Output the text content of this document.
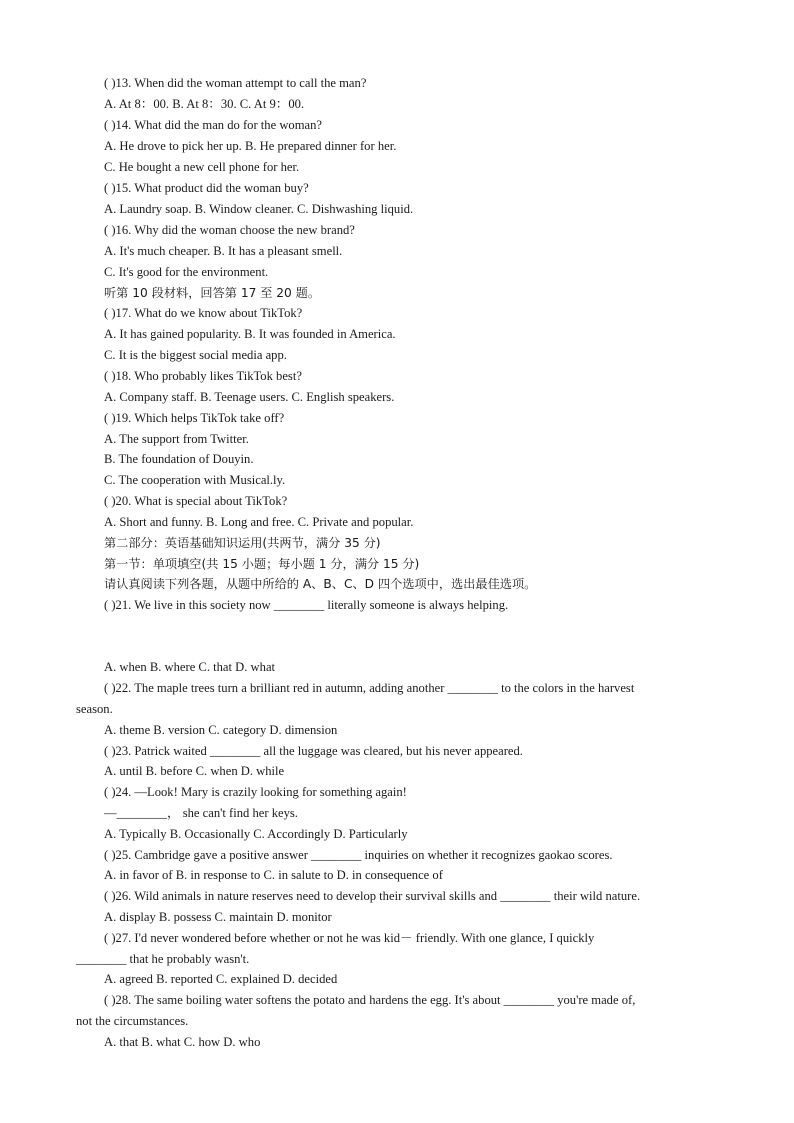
( )13. When did the woman attempt to call the man?
A. At 8：00. B. At 8：30. C. At 9：00.
( )14. What did the man do for the woman?
A. He drove to pick her up. B. He prepared dinner for her.
C. He bought a new cell phone for her.
( )15. What product did the woman buy?
A. Laundry soap. B. Window cleaner. C. Dishwashing liquid.
( )16. Why did the woman choose the new brand?
A. It's much cheaper. B. It has a pleasant smell.
C. It's good for the environment.
听第 10 段材料，回答第 17 至 20 题。
( )17. What do we know about TikTok?
A. It has gained popularity. B. It was founded in America.
C. It is the biggest social media app.
( )18. Who probably likes TikTok best?
A. Company staff. B. Teenage users. C. English speakers.
( )19. Which helps TikTok take off?
A. The support from Twitter.
B. The foundation of Douyin.
C. The cooperation with Musical.ly.
( )20. What is special about TikTok?
A. Short and funny. B. Long and free. C. Private and popular.
第二部分：英语基础知识运用(共两节，满分 35 分)
第一节：单项填空(共 15 小题；每小题 1 分，满分 15 分)
请认真阅读下列各题，从题中所给的 A、B、C、D 四个选项中，选出最佳选项。
( )21. We live in this society now ________ literally someone is always helping.
A. when B. where C. that D. what
( )22. The maple trees turn a brilliant red in autumn, adding another ________ to the colors in the harvest
season.
A. theme B. version C. category D. dimension
( )23. Patrick waited ________ all the luggage was cleared, but his never appeared.
A. until B. before C. when D. while
( )24. —Look! Mary is crazily looking for something again!
—________， she can't find her keys.
A. Typically B. Occasionally C. Accordingly D. Particularly
( )25. Cambridge gave a positive answer ________ inquiries on whether it recognizes gaokao scores.
A. in favor of B. in response to C. in salute to D. in consequence of
( )26. Wild animals in nature reserves need to develop their survival skills and ________ their wild nature.
A. display B. possess C. maintain D. monitor
( )27. I'd never wondered before whether or not he was kid－ friendly. With one glance, I quickly
________ that he probably wasn't.
A. agreed B. reported C. explained D. decided
( )28. The same boiling water softens the potato and hardens the egg. It's about ________ you're made of,
not the circumstances.
A. that B. what C. how D. who
